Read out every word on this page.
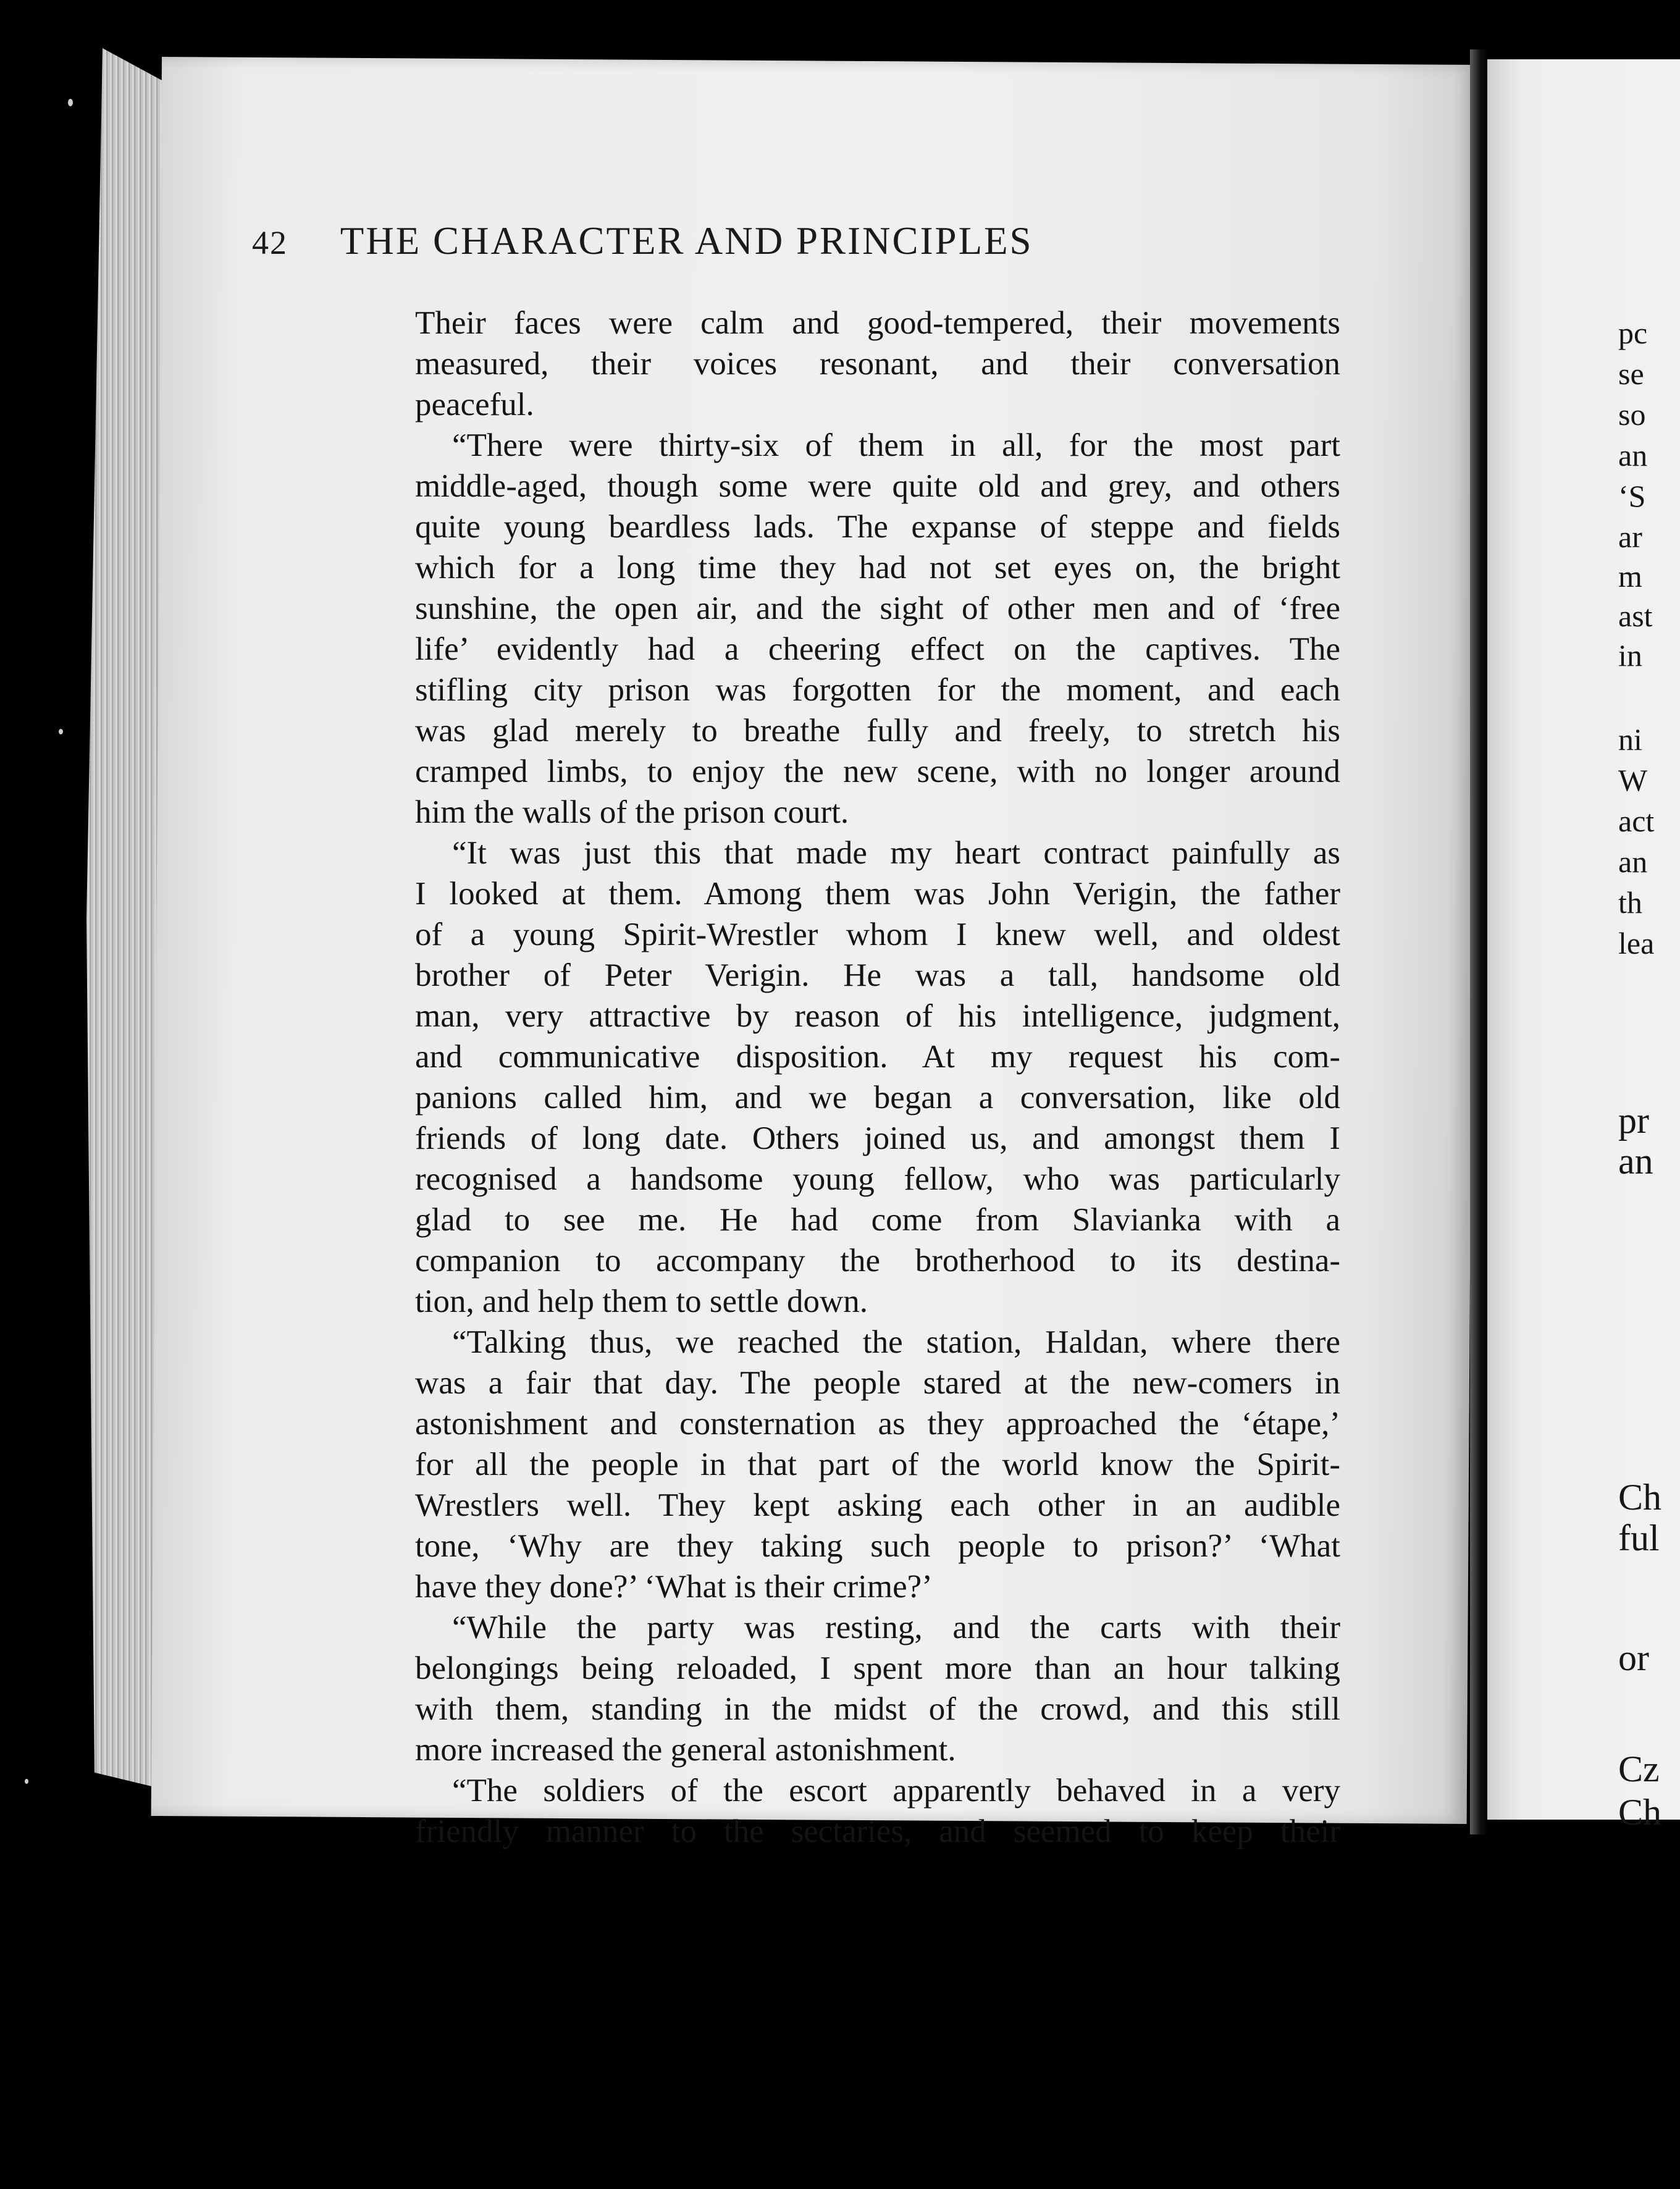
42 THE CHARACTER AND PRINCIPLES
Their faces were calm and good-tempered, their movements
measured, their voices resonant, and their conversation
peaceful.
“There were thirty-six of them in all, for the most part
middle-aged, though some were quite old and grey, and others
quite young beardless lads. The expanse of steppe and fields
which for a long time they had not set eyes on, the bright
sunshine, the open air, and the sight of other men and of ‘free
life’ evidently had a cheering effect on the captives. The
stifling city prison was forgotten for the moment, and each
was glad merely to breathe fully and freely, to stretch his
cramped limbs, to enjoy the new scene, with no longer around
him the walls of the prison court.
“It was just this that made my heart contract painfully as
I looked at them. Among them was John Verigin, the father
of a young Spirit-Wrestler whom I knew well, and oldest
brother of Peter Verigin. He was a tall, handsome old
man, very attractive by reason of his intelligence, judgment,
and communicative disposition. At my request his com-
panions called him, and we began a conversation, like old
friends of long date. Others joined us, and amongst them I
recognised a handsome young fellow, who was particularly
glad to see me. He had come from Slavianka with a
companion to accompany the brotherhood to its destina-
tion, and help them to settle down.
“Talking thus, we reached the station, Haldan, where there
was a fair that day. The people stared at the new-comers in
astonishment and consternation as they approached the ‘étape,’
for all the people in that part of the world know the Spirit-
Wrestlers well. They kept asking each other in an audible
tone, ‘Why are they taking such people to prison?’ ‘What
have they done?’ ‘What is their crime?’
“While the party was resting, and the carts with their
belongings being reloaded, I spent more than an hour talking
with them, standing in the midst of the crowd, and this still
more increased the general astonishment.
“The soldiers of the escort apparently behaved in a very
friendly manner to the sectaries, and seemed to keep their
pc
se
so
an
‘S
ar
m
ast
in
ni
W
act
an
th
lea
pr
an
Ch
ful
or
Cz
Ch
